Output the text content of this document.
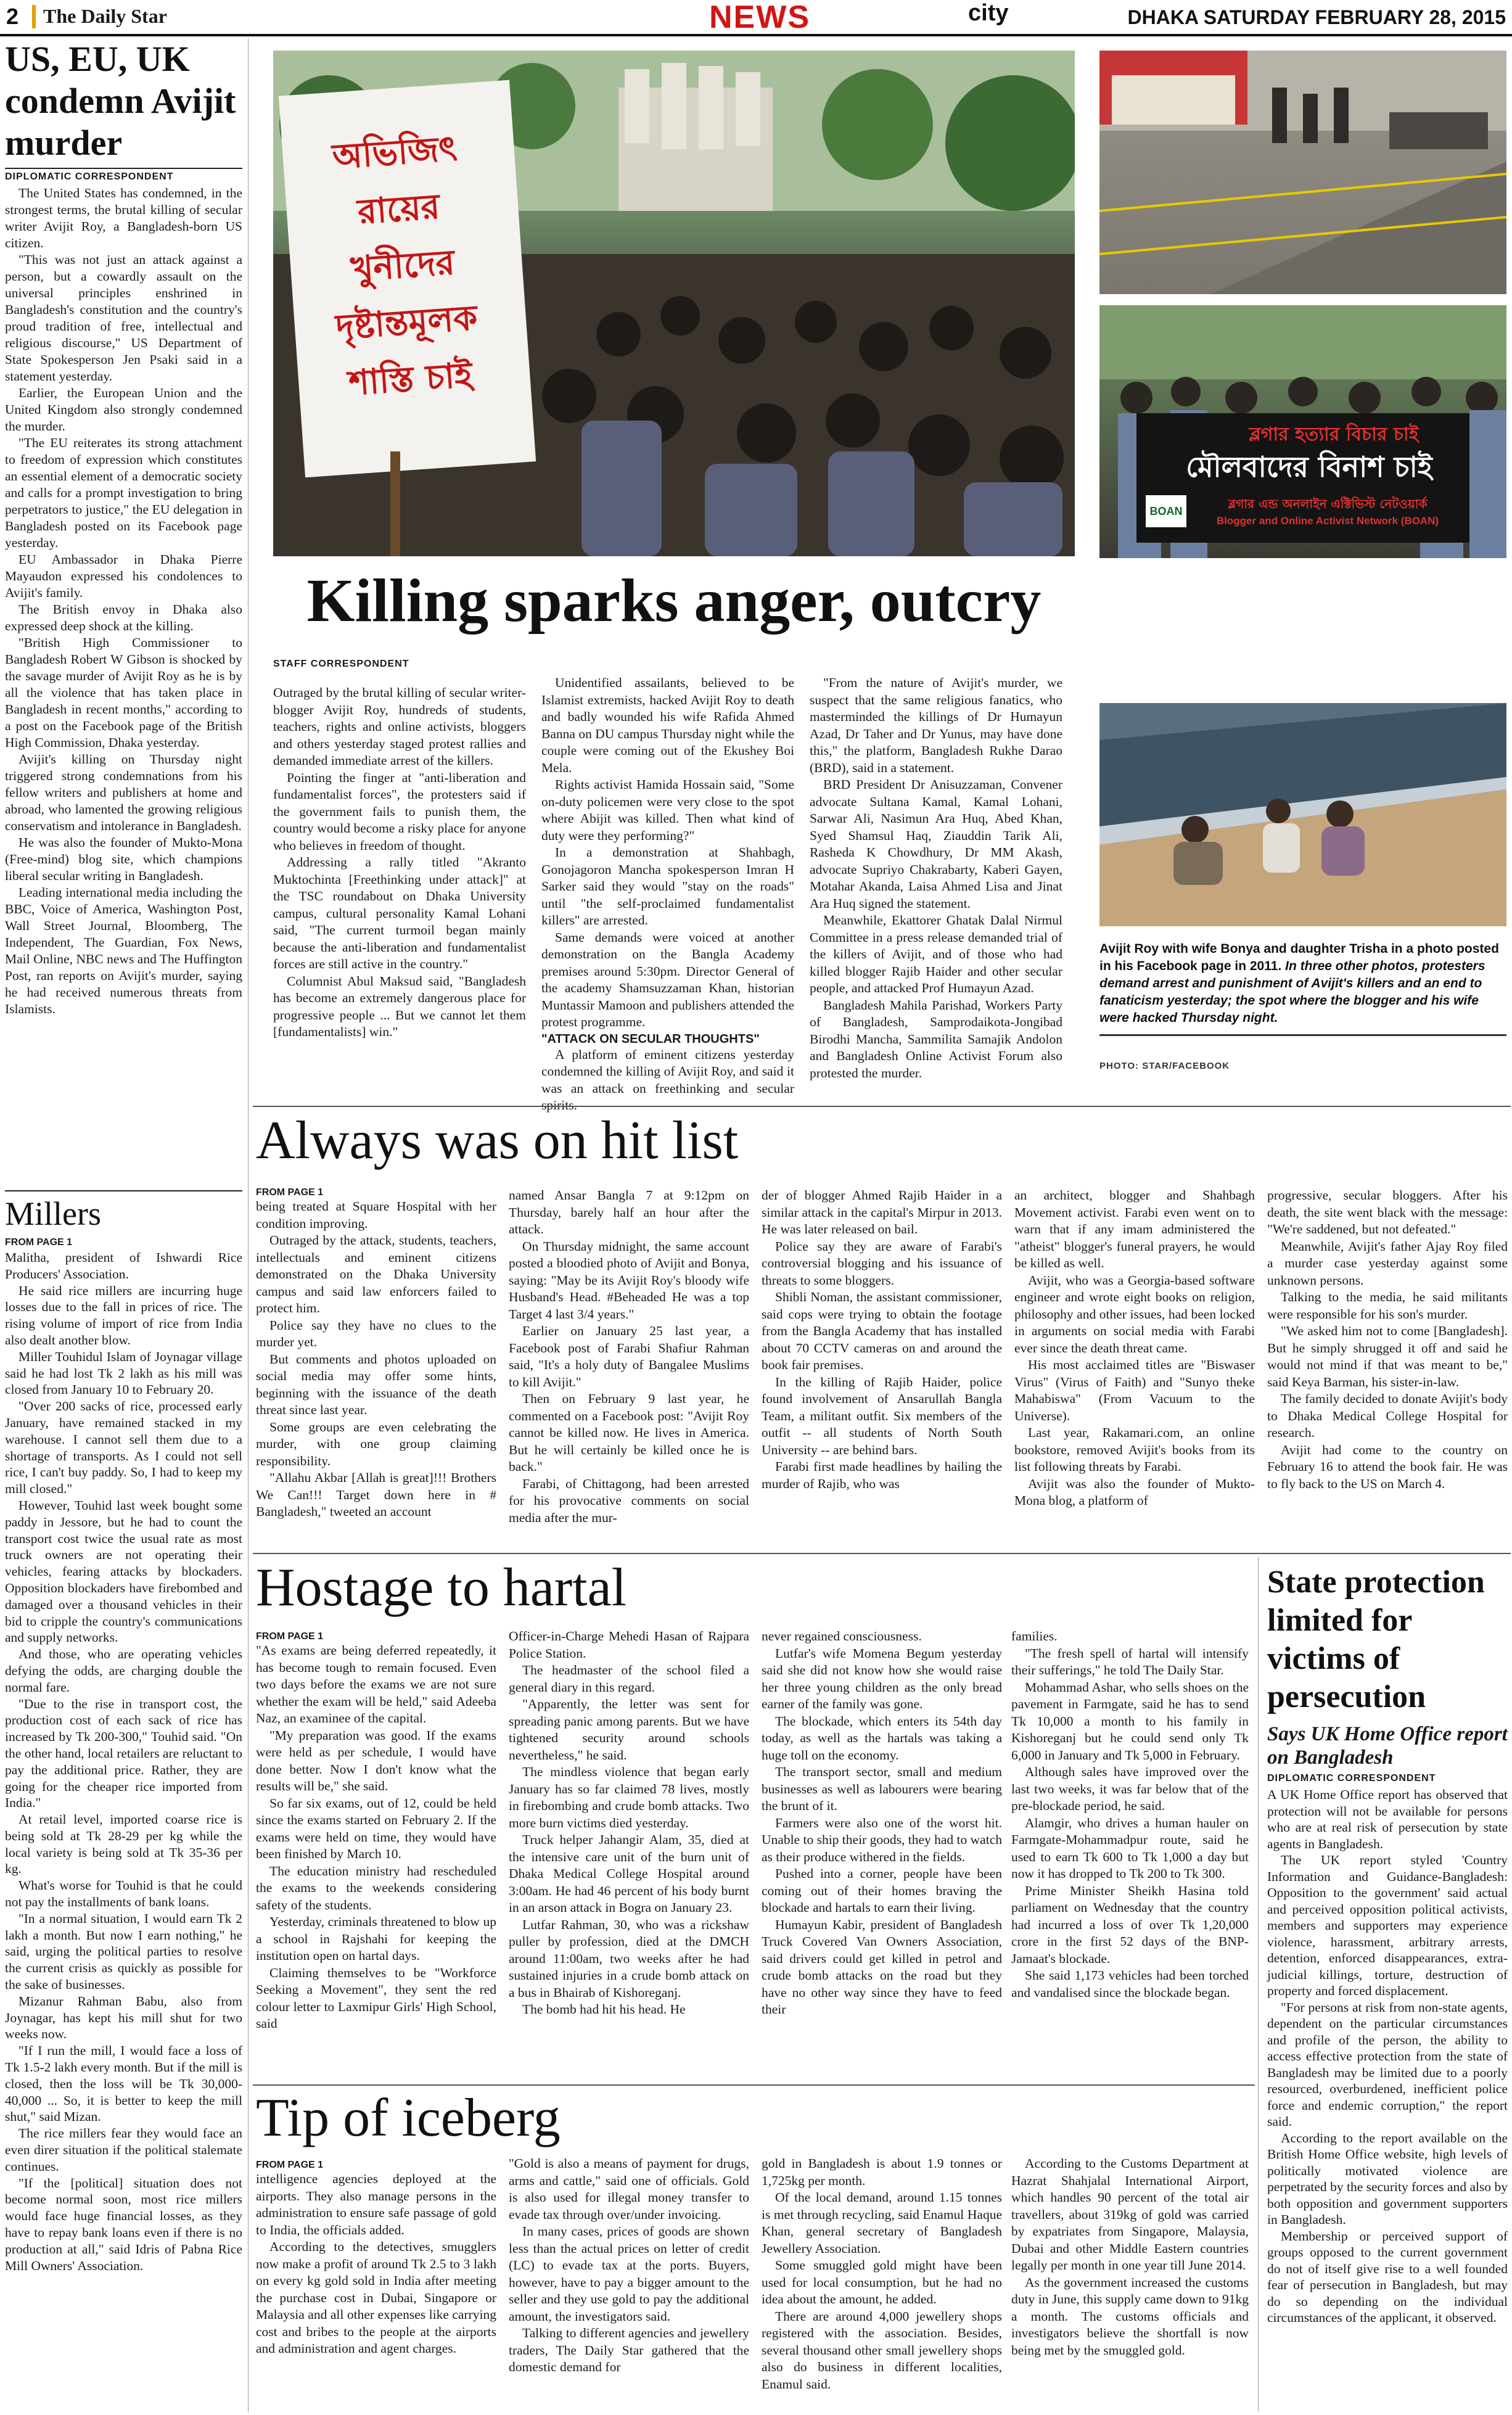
2 The Daily Star	NEWS	city	DHAKA SATURDAY FEBRUARY 28, 2015
US, EU, UK condemn Avijit murder
DIPLOMATIC CORRESPONDENT

The United States has condemned, in the strongest terms, the brutal killing of secular writer Avijit Roy, a Bangladesh-born US citizen.

"This was not just an attack against a person, but a cowardly assault on the universal principles enshrined in Bangladesh's constitution and the country's proud tradition of free, intellectual and religious discourse," US Department of State Spokesperson Jen Psaki said in a statement yesterday.

Earlier, the European Union and the United Kingdom also strongly condemned the murder.

"The EU reiterates its strong attachment to freedom of expression which constitutes an essential element of a democratic society and calls for a prompt investigation to bring perpetrators to justice," the EU delegation in Bangladesh posted on its Facebook page yesterday.

EU Ambassador in Dhaka Pierre Mayaudon expressed his condolences to Avijit's family.

The British envoy in Dhaka also expressed deep shock at the killing.

"British High Commissioner to Bangladesh Robert W Gibson is shocked by the savage murder of Avijit Roy as he is by all the violence that has taken place in Bangladesh in recent months," according to a post on the Facebook page of the British High Commission, Dhaka yesterday.

Avijit's killing on Thursday night triggered strong condemnations from his fellow writers and publishers at home and abroad, who lamented the growing religious conservatism and intolerance in Bangladesh.

He was also the founder of Mukto-Mona (Free-mind) blog site, which champions liberal secular writing in Bangladesh.

Leading international media including the BBC, Voice of America, Washington Post, Wall Street Journal, Bloomberg, The Independent, The Guardian, Fox News, Mail Online, NBC news and The Huffington Post, ran reports on Avijit's murder, saying he had received numerous threats from Islamists.

Millers
FROM PAGE 1

Malitha, president of Ishwardi Rice Producers' Association.

He said rice millers are incurring huge losses due to the fall in prices of rice. The rising volume of import of rice from India also dealt another blow.

Miller Touhidul Islam of Joynagar village said he had lost Tk 2 lakh as his mill was closed from January 10 to February 20.

"Over 200 sacks of rice, processed early January, have remained stacked in my warehouse. I cannot sell them due to a shortage of transports. As I could not sell rice, I can't buy paddy. So, I had to keep my mill closed."

However, Touhid last week bought some paddy in Jessore, but he had to count the transport cost twice the usual rate as most truck owners are not operating their vehicles, fearing attacks by blockaders. Opposition blockaders have firebombed and damaged over a thousand vehicles in their bid to cripple the country's communications and supply networks.

And those, who are operating vehicles defying the odds, are charging double the normal fare.

"Due to the rise in transport cost, the production cost of each sack of rice has increased by Tk 200-300," Touhid said. "On the other hand, local retailers are reluctant to pay the additional price. Rather, they are going for the cheaper rice imported from India."

At retail level, imported coarse rice is being sold at Tk 28-29 per kg while the local variety is being sold at Tk 35-36 per kg.

What's worse for Touhid is that he could not pay the installments of bank loans.

"In a normal situation, I would earn Tk 2 lakh a month. But now I earn nothing," he said, urging the political parties to resolve the current crisis as quickly as possible for the sake of businesses.

Mizanur Rahman Babu, also from Joynagar, has kept his mill shut for two weeks now.

"If I run the mill, I would face a loss of Tk 1.5-2 lakh every month. But if the mill is closed, then the loss will be Tk 30,000-40,000 ... So, it is better to keep the mill shut," said Mizan.

The rice millers fear they would face an even direr situation if the political stalemate continues.

"If the [political] situation does not become normal soon, most rice millers would face huge financial losses, as they have to repay bank loans even if there is no production at all," said Idris of Pabna Rice Mill Owners' Association.

অভিজিৎ রায়ের খুনীদের দৃষ্টান্তমূলক শাস্তি চাই
ব্লগার হত্যার বিচার চাই
মৌলবাদের বিনাশ চাই
BOAN	ব্লগার এন্ড অনলাইন এক্টিভিস্ট নেটওয়ার্ক
Blogger and Online Activist Network (BOAN)
Killing sparks anger, outcry
STAFF CORRESPONDENT

Outraged by the brutal killing of secular writer-blogger Avijit Roy, hundreds of students, teachers, rights and online activists, bloggers and others yesterday staged protest rallies and demanded immediate arrest of the killers.

Pointing the finger at "anti-liberation and fundamentalist forces", the protesters said if the government fails to punish them, the country would become a risky place for anyone who believes in freedom of thought.

Addressing a rally titled "Akranto Muktochinta [Freethinking under attack]" at the TSC roundabout on Dhaka University campus, cultural personality Kamal Lohani said, "The current turmoil began mainly because the anti-liberation and fundamentalist forces are still active in the country."

Columnist Abul Maksud said, "Bangladesh has become an extremely dangerous place for progressive people ... But we cannot let them [fundamentalists] win."

Unidentified assailants, believed to be Islamist extremists, hacked Avijit Roy to death and badly wounded his wife Rafida Ahmed Banna on DU campus Thursday night while the couple were coming out of the Ekushey Boi Mela.

Rights activist Hamida Hossain said, "Some on-duty policemen were very close to the spot where Abijit was killed. Then what kind of duty were they performing?"

In a demonstration at Shahbagh, Gonojagoron Mancha spokesperson Imran H Sarker said they would "stay on the roads" until "the self-proclaimed fundamentalist killers" are arrested.

Same demands were voiced at another demonstration on the Bangla Academy premises around 5:30pm. Director General of the academy Shamsuzzaman Khan, historian Muntassir Mamoon and publishers attended the protest programme.

"ATTACK ON SECULAR THOUGHTS"

A platform of eminent citizens yesterday condemned the killing of Avijit Roy, and said it was an attack on freethinking and secular spirits.

"From the nature of Avijit's murder, we suspect that the same religious fanatics, who masterminded the killings of Dr Humayun Azad, Dr Taher and Dr Yunus, may have done this," the platform, Bangladesh Rukhe Darao (BRD), said in a statement.

BRD President Dr Anisuzzaman, Convener advocate Sultana Kamal, Kamal Lohani, Sarwar Ali, Nasimun Ara Huq, Abed Khan, Syed Shamsul Haq, Ziauddin Tarik Ali, Rasheda K Chowdhury, Dr MM Akash, advocate Supriyo Chakrabarty, Kaberi Gayen, Motahar Akanda, Laisa Ahmed Lisa and Jinat Ara Huq signed the statement.

Meanwhile, Ekattorer Ghatak Dalal Nirmul Committee in a press release demanded trial of the killers of Avijit, and of those who had killed blogger Rajib Haider and other secular people, and attacked Prof Humayun Azad.

Bangladesh Mahila Parishad, Workers Party of Bangladesh, Samprodaikota-Jongibad Birodhi Mancha, Sammilita Samajik Andolon and Bangladesh Online Activist Forum also protested the murder.

Avijit Roy with wife Bonya and daughter Trisha in a photo posted in his Facebook page in 2011. In three other photos, protesters demand arrest and punishment of Avijit's killers and an end to fanaticism yesterday; the spot where the blogger and his wife were hacked Thursday night.
PHOTO: STAR/FACEBOOK
Always was on hit list
FROM PAGE 1

being treated at Square Hospital with her condition improving.

Outraged by the attack, students, teachers, intellectuals and eminent citizens demonstrated on the Dhaka University campus and said law enforcers failed to protect him.

Police say they have no clues to the murder yet.

But comments and photos uploaded on social media may offer some hints, beginning with the issuance of the death threat since last year.

Some groups are even celebrating the murder, with one group claiming responsibility.

"Allahu Akbar [Allah is great]!!! Brothers We Can!!! Target down here in # Bangladesh," tweeted an account

named Ansar Bangla 7 at 9:12pm on Thursday, barely half an hour after the attack.

On Thursday midnight, the same account posted a bloodied photo of Avijit and Bonya, saying: "May be its Avijit Roy's bloody wife Husband's Head. #Beheaded He was a top Target 4 last 3/4 years."

Earlier on January 25 last year, a Facebook post of Farabi Shafiur Rahman said, "It's a holy duty of Bangalee Muslims to kill Avijit."

Then on February 9 last year, he commented on a Facebook post: "Avijit Roy cannot be killed now. He lives in America. But he will certainly be killed once he is back."

Farabi, of Chittagong, had been arrested for his provocative comments on social media after the mur-

der of blogger Ahmed Rajib Haider in a similar attack in the capital's Mirpur in 2013. He was later released on bail.

Police say they are aware of Farabi's controversial blogging and his issuance of threats to some bloggers.

Shibli Noman, the assistant commissioner, said cops were trying to obtain the footage from the Bangla Academy that has installed about 70 CCTV cameras on and around the book fair premises.

In the killing of Rajib Haider, police found involvement of Ansarullah Bangla Team, a militant outfit. Six members of the outfit -- all students of North South University -- are behind bars.

Farabi first made headlines by hailing the murder of Rajib, who was

an architect, blogger and Shahbagh Movement activist. Farabi even went on to warn that if any imam administered the "atheist" blogger's funeral prayers, he would be killed as well.

Avijit, who was a Georgia-based software engineer and wrote eight books on religion, philosophy and other issues, had been locked in arguments on social media with Farabi ever since the death threat came.

His most acclaimed titles are "Biswaser Virus" (Virus of Faith) and "Sunyo theke Mahabiswa" (From Vacuum to the Universe).

Last year, Rakamari.com, an online bookstore, removed Avijit's books from its list following threats by Farabi.

Avijit was also the founder of Mukto-Mona blog, a platform of

progressive, secular bloggers. After his death, the site went black with the message: "We're saddened, but not defeated."

Meanwhile, Avijit's father Ajay Roy filed a murder case yesterday against some unknown persons.

Talking to the media, he said militants were responsible for his son's murder.

"We asked him not to come [Bangladesh]. But he simply shrugged it off and said he would not mind if that was meant to be," said Keya Barman, his sister-in-law.

The family decided to donate Avijit's body to Dhaka Medical College Hospital for research.

Avijit had come to the country on February 16 to attend the book fair. He was to fly back to the US on March 4.

Hostage to hartal
FROM PAGE 1

"As exams are being deferred repeatedly, it has become tough to remain focused. Even two days before the exams we are not sure whether the exam will be held," said Adeeba Naz, an examinee of the capital.

"My preparation was good. If the exams were held as per schedule, I would have done better. Now I don't know what the results will be," she said.

So far six exams, out of 12, could be held since the exams started on February 2. If the exams were held on time, they would have been finished by March 10.

The education ministry had rescheduled the exams to the weekends considering safety of the students.

Yesterday, criminals threatened to blow up a school in Rajshahi for keeping the institution open on hartal days.

Claiming themselves to be "Workforce Seeking a Movement", they sent the red colour letter to Laxmipur Girls' High School, said

Officer-in-Charge Mehedi Hasan of Rajpara Police Station.

The headmaster of the school filed a general diary in this regard.

"Apparently, the letter was sent for spreading panic among parents. But we have tightened security around schools nevertheless," he said.

The mindless violence that began early January has so far claimed 78 lives, mostly in firebombing and crude bomb attacks. Two more burn victims died yesterday.

Truck helper Jahangir Alam, 35, died at the intensive care unit of the burn unit of Dhaka Medical College Hospital around 3:00am. He had 46 percent of his body burnt in an arson attack in Bogra on January 23.

Lutfar Rahman, 30, who was a rickshaw puller by profession, died at the DMCH around 11:00am, two weeks after he had sustained injuries in a crude bomb attack on a bus in Bhairab of Kishoreganj.

The bomb had hit his head. He

never regained consciousness.

Lutfar's wife Momena Begum yesterday said she did not know how she would raise her three young children as the only bread earner of the family was gone.

The blockade, which enters its 54th day today, as well as the hartals was taking a huge toll on the economy.

The transport sector, small and medium businesses as well as labourers were bearing the brunt of it.

Farmers were also one of the worst hit. Unable to ship their goods, they had to watch as their produce withered in the fields.

Pushed into a corner, people have been coming out of their homes braving the blockade and hartals to earn their living.

Humayun Kabir, president of Bangladesh Truck Covered Van Owners Association, said drivers could get killed in petrol and crude bomb attacks on the road but they have no other way since they have to feed their

families.

"The fresh spell of hartal will intensify their sufferings," he told The Daily Star.

Mohammad Ashar, who sells shoes on the pavement in Farmgate, said he has to send Tk 10,000 a month to his family in Kishoreganj but he could send only Tk 6,000 in January and Tk 5,000 in February.

Although sales have improved over the last two weeks, it was far below that of the pre-blockade period, he said.

Alamgir, who drives a human hauler on Farmgate-Mohammadpur route, said he used to earn Tk 600 to Tk 1,000 a day but now it has dropped to Tk 200 to Tk 300.

Prime Minister Sheikh Hasina told parliament on Wednesday that the country had incurred a loss of over Tk 1,20,000 crore in the first 52 days of the BNP-Jamaat's blockade.

She said 1,173 vehicles had been torched and vandalised since the blockade began.

Tip of iceberg
FROM PAGE 1

intelligence agencies deployed at the airports. They also manage persons in the administration to ensure safe passage of gold to India, the officials added.

According to the detectives, smugglers now make a profit of around Tk 2.5 to 3 lakh on every kg gold sold in India after meeting the purchase cost in Dubai, Singapore or Malaysia and all other expenses like carrying cost and bribes to the people at the airports and administration and agent charges.

"Gold is also a means of payment for drugs, arms and cattle," said one of officials. Gold is also used for illegal money transfer to evade tax through over/under invoicing.

In many cases, prices of goods are shown less than the actual prices on letter of credit (LC) to evade tax at the ports. Buyers, however, have to pay a bigger amount to the seller and they use gold to pay the additional amount, the investigators said.

Talking to different agencies and jewellery traders, The Daily Star gathered that the domestic demand for

gold in Bangladesh is about 1.9 tonnes or 1,725kg per month.

Of the local demand, around 1.15 tonnes is met through recycling, said Enamul Haque Khan, general secretary of Bangladesh Jewellery Association.

Some smuggled gold might have been used for local consumption, but he had no idea about the amount, he added.

There are around 4,000 jewellery shops registered with the association. Besides, several thousand other small jewellery shops also do business in different localities, Enamul said.

According to the Customs Department at Hazrat Shahjalal International Airport, which handles 90 percent of the total air travellers, about 319kg of gold was carried by expatriates from Singapore, Malaysia, Dubai and other Middle Eastern countries legally per month in one year till June 2014.

As the government increased the customs duty in June, this supply came down to 91kg a month. The customs officials and investigators believe the shortfall is now being met by the smuggled gold.

State protection limited for victims of persecution
Says UK Home Office report on Bangladesh
DIPLOMATIC CORRESPONDENT

A UK Home Office report has observed that protection will not be available for persons who are at real risk of persecution by state agents in Bangladesh.

The UK report styled 'Country Information and Guidance-Bangladesh: Opposition to the government' said actual and perceived opposition political activists, members and supporters may experience violence, harassment, arbitrary arrests, detention, enforced disappearances, extra-judicial killings, torture, destruction of property and forced displacement.

"For persons at risk from non-state agents, dependent on the particular circumstances and profile of the person, the ability to access effective protection from the state of Bangladesh may be limited due to a poorly resourced, overburdened, inefficient police force and endemic corruption," the report said.

According to the report available on the British Home Office website, high levels of politically motivated violence are perpetrated by the security forces and also by both opposition and government supporters in Bangladesh.

Membership or perceived support of groups opposed to the current government do not of itself give rise to a well founded fear of persecution in Bangladesh, but may do so depending on the individual circumstances of the applicant, it observed.
